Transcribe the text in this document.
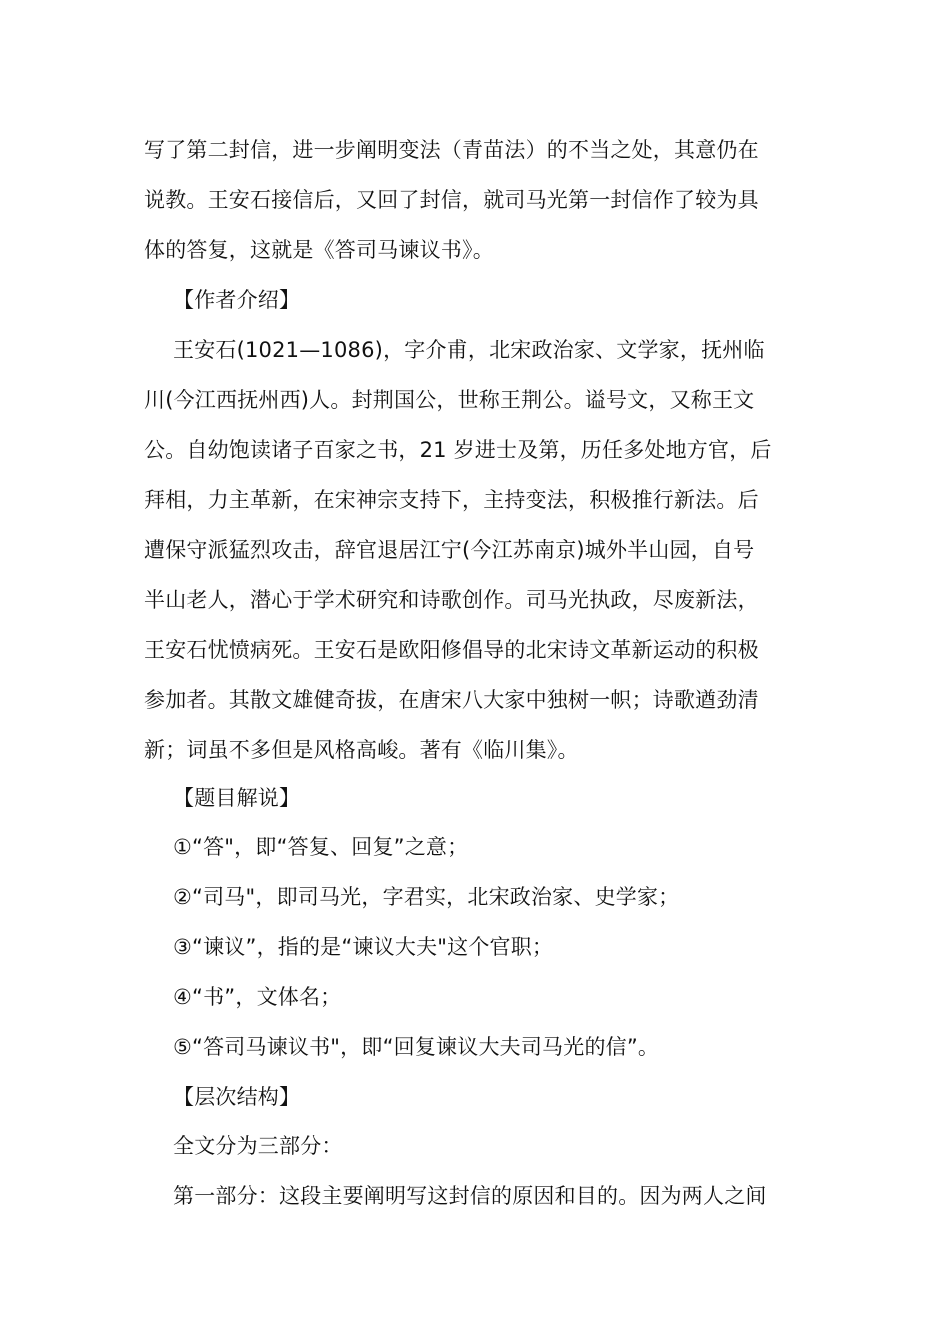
写了第二封信，进一步阐明变法（青苗法）的不当之处，其意仍在
说教。王安石接信后，又回了封信，就司马光第一封信作了较为具
体的答复，这就是《答司马谏议书》。
【作者介绍】
王安石(1021—1086)，字介甫，北宋政治家、文学家，抚州临
川(今江西抚州西)人。封荆国公，世称王荆公。谥号文，又称王文
公。自幼饱读诸子百家之书，21 岁进士及第，历任多处地方官，后
拜相，力主革新，在宋神宗支持下，主持变法，积极推行新法。后
遭保守派猛烈攻击，辞官退居江宁(今江苏南京)城外半山园，自号
半山老人，潜心于学术研究和诗歌创作。司马光执政，尽废新法，
王安石忧愤病死。王安石是欧阳修倡导的北宋诗文革新运动的积极
参加者。其散文雄健奇拔，在唐宋八大家中独树一帜；诗歌遒劲清
新；词虽不多但是风格高峻。著有《临川集》。
【题目解说】
①“答"，即“答复、回复”之意；
②“司马"，即司马光，字君实，北宋政治家、史学家；
③“谏议”，指的是“谏议大夫"这个官职；
④“书”，文体名；
⑤“答司马谏议书"，即“回复谏议大夫司马光的信”。
【层次结构】
全文分为三部分：
第一部分：这段主要阐明写这封信的原因和目的。因为两人之间
